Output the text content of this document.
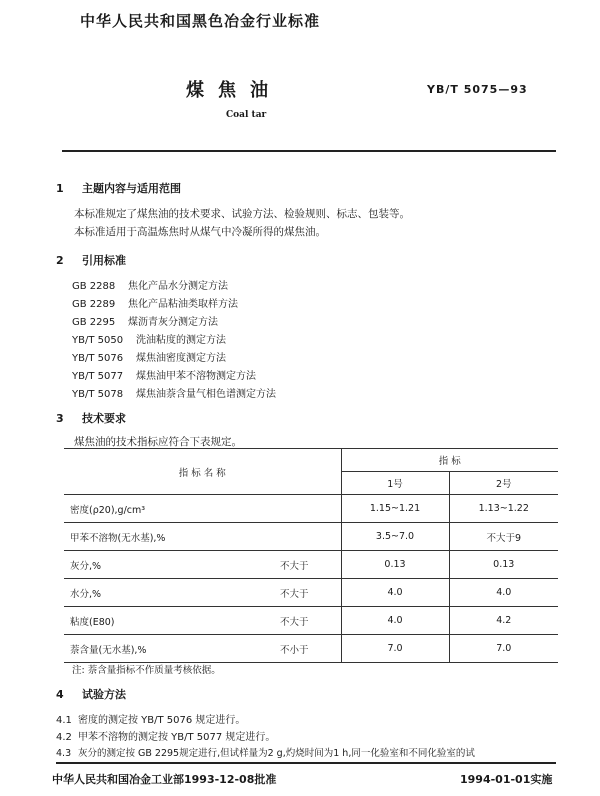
中华人民共和国黑色冶金行业标准
煤焦油	YB/T 5075—93
Coal tar
1 主题内容与适用范围
本标准规定了煤焦油的技术要求、试验方法、检验规则、标志、包装等。
本标准适用于高温炼焦时从煤气中冷凝所得的煤焦油。
2 引用标准
GB 2288 焦化产品水分测定方法
GB 2289 焦化产品粘油类取样方法
GB 2295 煤沥青灰分测定方法
YB/T 5050 洗油粘度的测定方法
YB/T 5076 煤焦油密度测定方法
YB/T 5077 煤焦油甲苯不溶物测定方法
YB/T 5078 煤焦油萘含量气相色谱测定方法
3 技术要求
煤焦油的技术指标应符合下表规定。
指 标 名 称	指 标	
	1号	2号
密度(ρ20),g/cm³	1.15~1.21	1.13~1.22
甲苯不溶物(无水基),%	3.5~7.0	不大于9
灰分,% 不大于	0.13	0.13
水分,% 不大于	4.0	4.0
粘度(E80) 不大于	4.0	4.2
萘含量(无水基),% 不小于	7.0	7.0
注: 萘含量指标不作质量考核依据。
4 试验方法
4.1 密度的测定按 YB/T 5076 规定进行。
4.2 甲苯不溶物的测定按 YB/T 5077 规定进行。
4.3 灰分的测定按 GB 2295规定进行,但试样量为2 g,灼烧时间为1 h,同一化验室和不同化验室的试
中华人民共和国冶金工业部1993-12-08批准	1994-01-01实施
